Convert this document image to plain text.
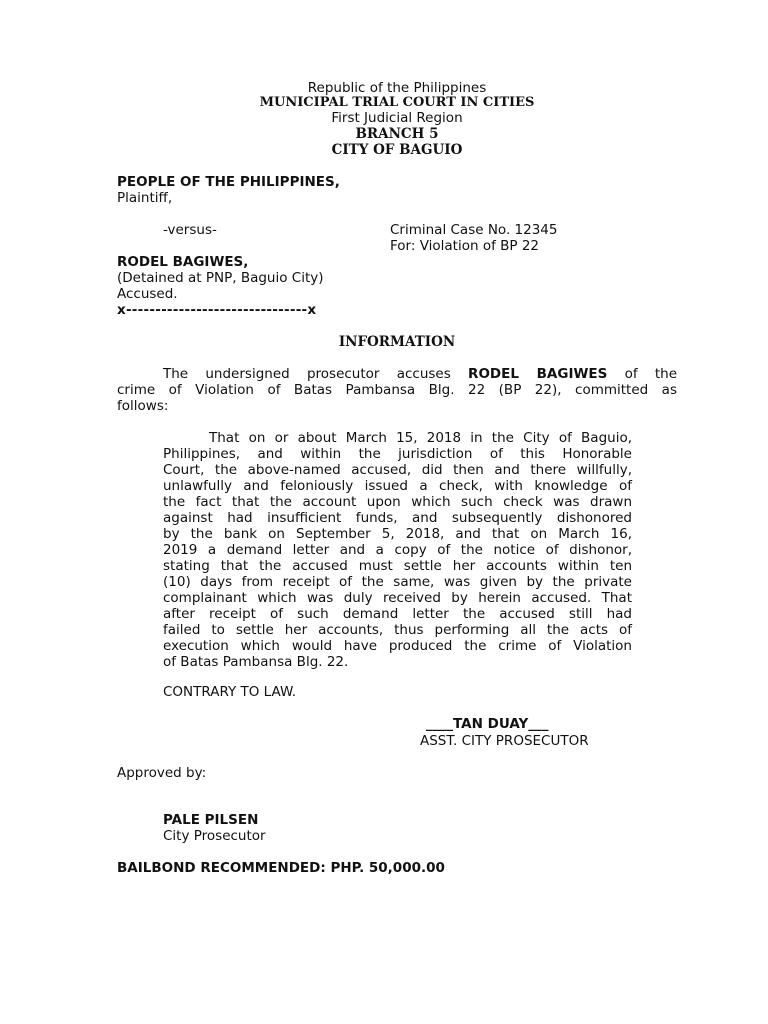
Republic of the Philippines
MUNICIPAL TRIAL COURT IN CITIES
First Judicial Region
BRANCH 5
CITY OF BAGUIO
PEOPLE OF THE PHILIPPINES,
Plaintiff,
-versus-	Criminal Case No. 12345
For: Violation of BP 22
RODEL BAGIWES,
(Detained at PNP, Baguio City)
Accused.
x-------------------------------x
INFORMATION
The undersigned prosecutor accuses RODEL BAGIWES of the
crime of Violation of Batas Pambansa Blg. 22 (BP 22), committed as
follows:
That on or about March 15, 2018 in the City of Baguio,
Philippines, and within the jurisdiction of this Honorable
Court, the above-named accused, did then and there willfully,
unlawfully and feloniously issued a check, with knowledge of
the fact that the account upon which such check was drawn
against had insufficient funds, and subsequently dishonored
by the bank on September 5, 2018, and that on March 16,
2019 a demand letter and a copy of the notice of dishonor,
stating that the accused must settle her accounts within ten
(10) days from receipt of the same, was given by the private
complainant which was duly received by herein accused. That
after receipt of such demand letter the accused still had
failed to settle her accounts, thus performing all the acts of
execution which would have produced the crime of Violation
of Batas Pambansa Blg. 22.
CONTRARY TO LAW.
____TAN DUAY___
ASST. CITY PROSECUTOR
Approved by:
PALE PILSEN
City Prosecutor
BAILBOND RECOMMENDED: PHP. 50,000.00
